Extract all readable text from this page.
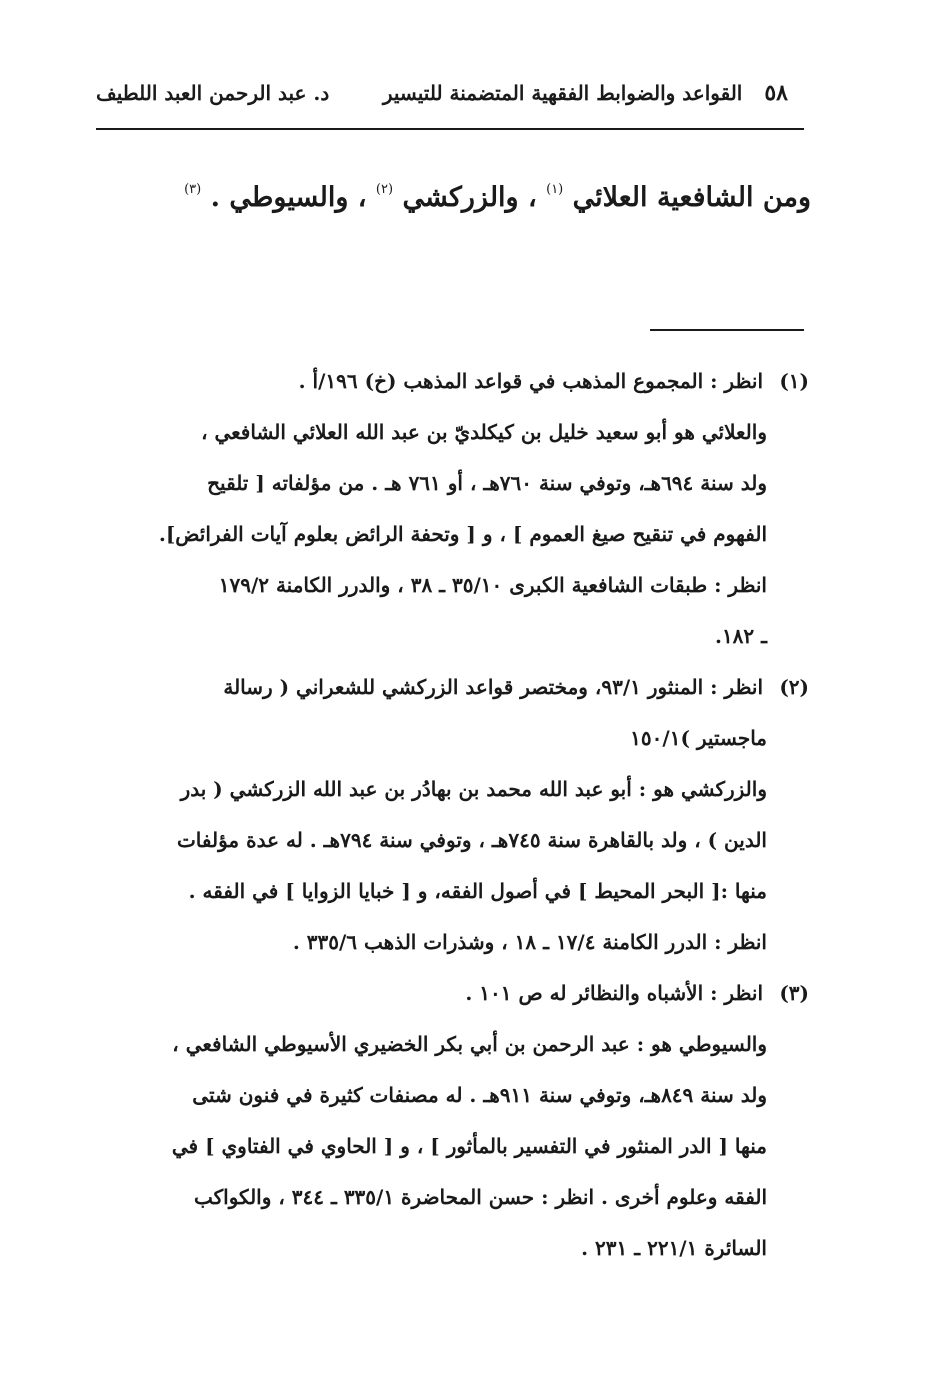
٥٨
القواعد والضوابط الفقهية المتضمنة للتيسير
د. عبد الرحمن العبد اللطيف
ومن الشافعية العلائي $^{(١)}$ ، والزركشي $^{(٢)}$ ، والسيوطي . $^{(٣)}$
(١)انظر : المجموع المذهب في قواعد المذهب (خ) ١٩٦/أ .
والعلائي هو أبو سعيد خليل بن كيكلديّ بن عبد الله العلائي الشافعي ،
ولد سنة ٦٩٤هـ، وتوفي سنة ٧٦٠هـ ، أو ٧٦١ هـ . من مؤلفاته [ تلقيح
الفهوم في تنقيح صيغ العموم ] ، و [ وتحفة الرائض بعلوم آيات الفرائض].
انظر : طبقات الشافعية الكبرى ٣٥/١٠ ـ ٣٨ ، والدرر الكامنة ١٧٩/٢
ـ ١٨٢.
(٢)انظر : المنثور ٩٣/١، ومختصر قواعد الزركشي للشعراني ( رسالة
ماجستير )١٥٠/١
والزركشي هو : أبو عبد الله محمد بن بهادُر بن عبد الله الزركشي ( بدر
الدين ) ، ولد بالقاهرة سنة ٧٤٥هـ ، وتوفي سنة ٧٩٤هـ . له عدة مؤلفات
منها :[ البحر المحيط ] في أصول الفقه، و [ خبايا الزوايا ] في الفقه .
انظر : الدرر الكامنة ١٧/٤ ـ ١٨ ، وشذرات الذهب ٣٣٥/٦ .
(٣)انظر : الأشباه والنظائر له ص ١٠١ .
والسيوطي هو : عبد الرحمن بن أبي بكر الخضيري الأسيوطي الشافعي ،
ولد سنة ٨٤٩هـ، وتوفي سنة ٩١١هـ . له مصنفات كثيرة في فنون شتى
منها [ الدر المنثور في التفسير بالمأثور ] ، و [ الحاوي في الفتاوي ] في
الفقه وعلوم أخرى . انظر : حسن المحاضرة ٣٣٥/١ ـ ٣٤٤ ، والكواكب
السائرة ٢٢١/١ ـ ٢٣١ .
